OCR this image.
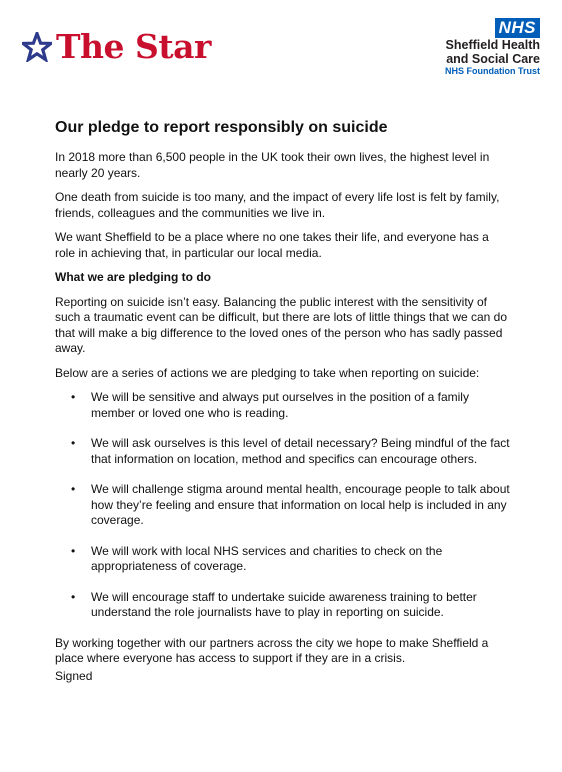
The Star	NHS
Sheffield Health
and Social Care
NHS Foundation Trust
Our pledge to report responsibly on suicide

In 2018 more than 6,500 people in the UK took their own lives, the highest level in nearly 20 years.

One death from suicide is too many, and the impact of every life lost is felt by family, friends, colleagues and the communities we live in.

We want Sheffield to be a place where no one takes their life, and everyone has a role in achieving that, in particular our local media.

What we are pledging to do

Reporting on suicide isn’t easy. Balancing the public interest with the sensitivity of such a traumatic event can be difficult, but there are lots of little things that we can do that will make a big difference to the loved ones of the person who has sadly passed away.

Below are a series of actions we are pledging to take when reporting on suicide:

• We will be sensitive and always put ourselves in the position of a family member or loved one who is reading.
• We will ask ourselves is this level of detail necessary? Being mindful of the fact that information on location, method and specifics can encourage others.
• We will challenge stigma around mental health, encourage people to talk about how they’re feeling and ensure that information on local help is included in any coverage.
• We will work with local NHS services and charities to check on the appropriateness of coverage.
• We will encourage staff to undertake suicide awareness training to better understand the role journalists have to play in reporting on suicide.

By working together with our partners across the city we hope to make Sheffield a place where everyone has access to support if they are in a crisis.

Signed
